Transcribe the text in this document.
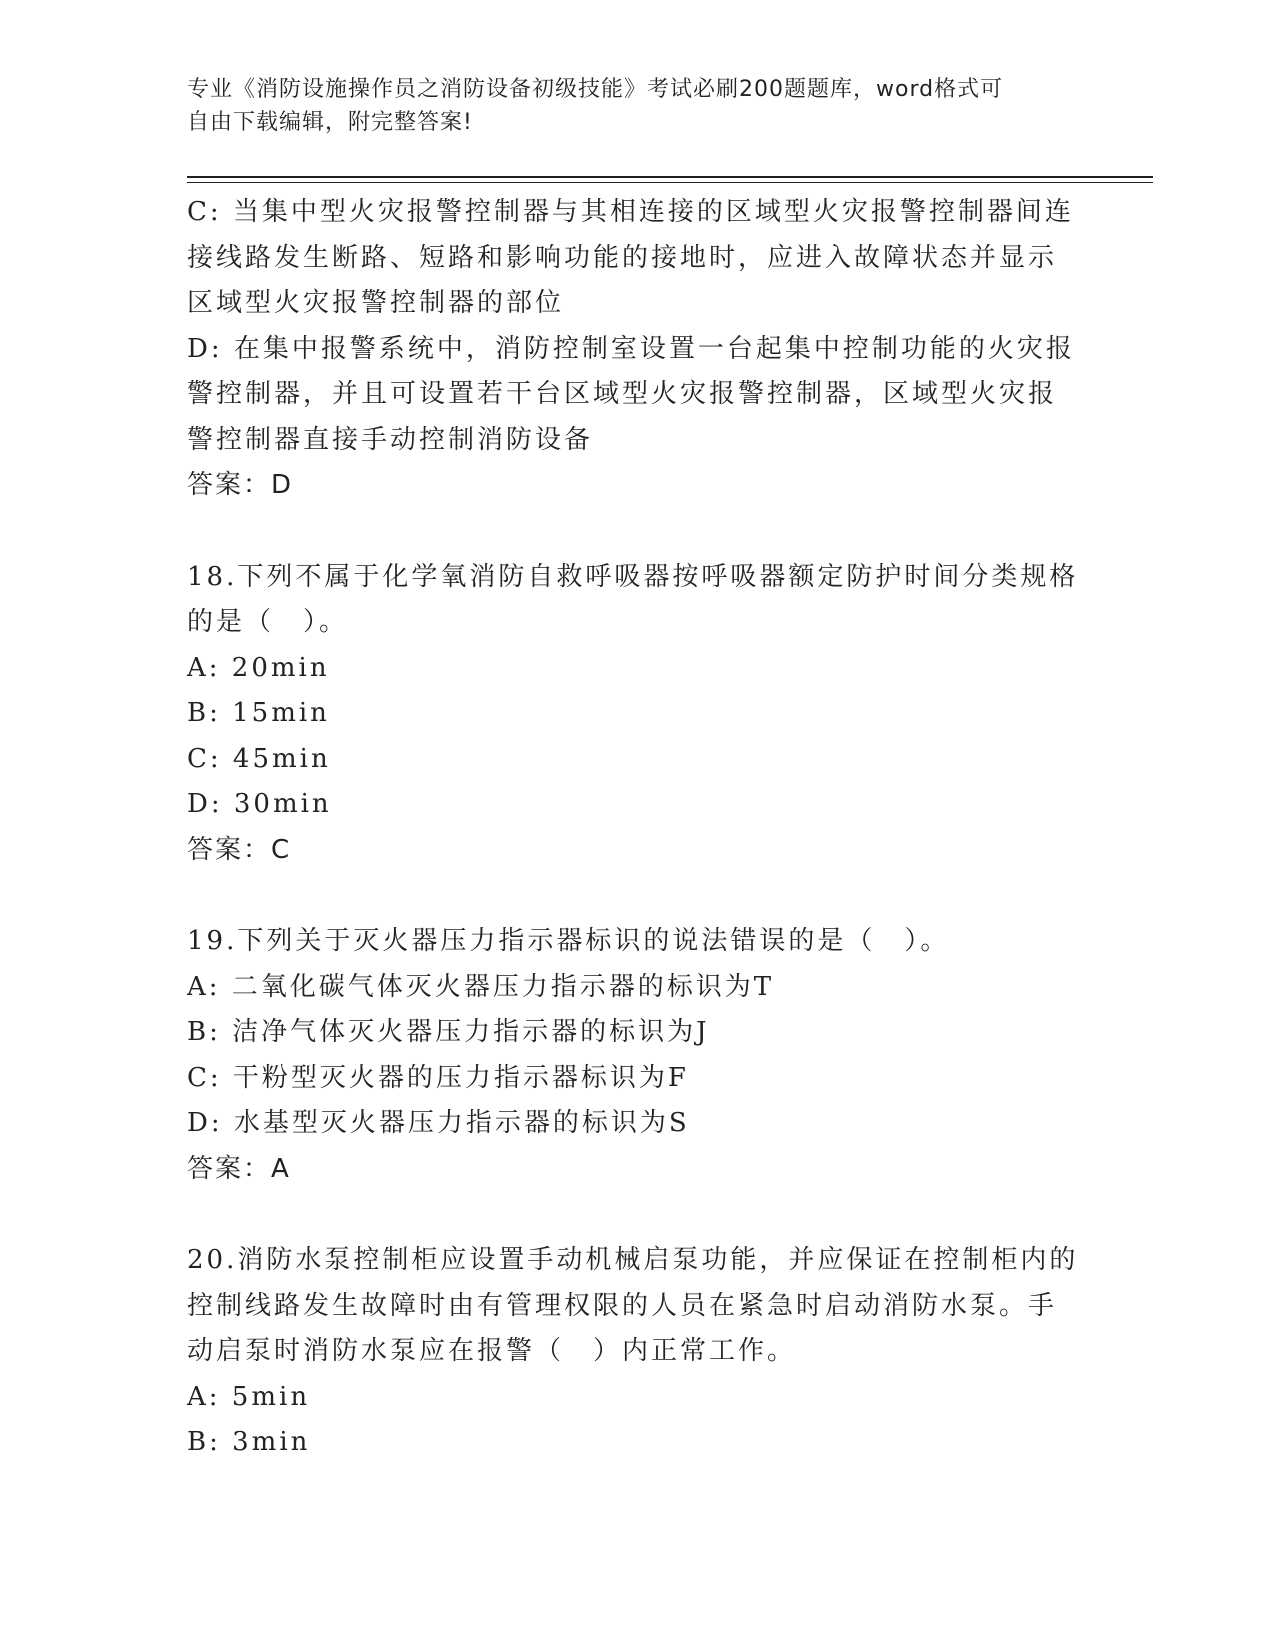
专业《消防设施操作员之消防设备初级技能》考试必刷200题题库，word格式可
自由下载编辑，附完整答案!
C: 当集中型火灾报警控制器与其相连接的区域型火灾报警控制器间连
接线路发生断路、短路和影响功能的接地时，应进入故障状态并显示
区域型火灾报警控制器的部位
D: 在集中报警系统中，消防控制室设置一台起集中控制功能的火灾报
警控制器，并且可设置若干台区域型火灾报警控制器，区域型火灾报
警控制器直接手动控制消防设备
答案：D
18.下列不属于化学氧消防自救呼吸器按呼吸器额定防护时间分类规格
的是（　）。
A: 20min
B: 15min
C: 45min
D: 30min
答案：C
19.下列关于灭火器压力指示器标识的说法错误的是（　）。
A: 二氧化碳气体灭火器压力指示器的标识为T
B: 洁净气体灭火器压力指示器的标识为J
C: 干粉型灭火器的压力指示器标识为F
D: 水基型灭火器压力指示器的标识为S
答案：A
20.消防水泵控制柜应设置手动机械启泵功能，并应保证在控制柜内的
控制线路发生故障时由有管理权限的人员在紧急时启动消防水泵。手
动启泵时消防水泵应在报警（　）内正常工作。
A: 5min
B: 3min
